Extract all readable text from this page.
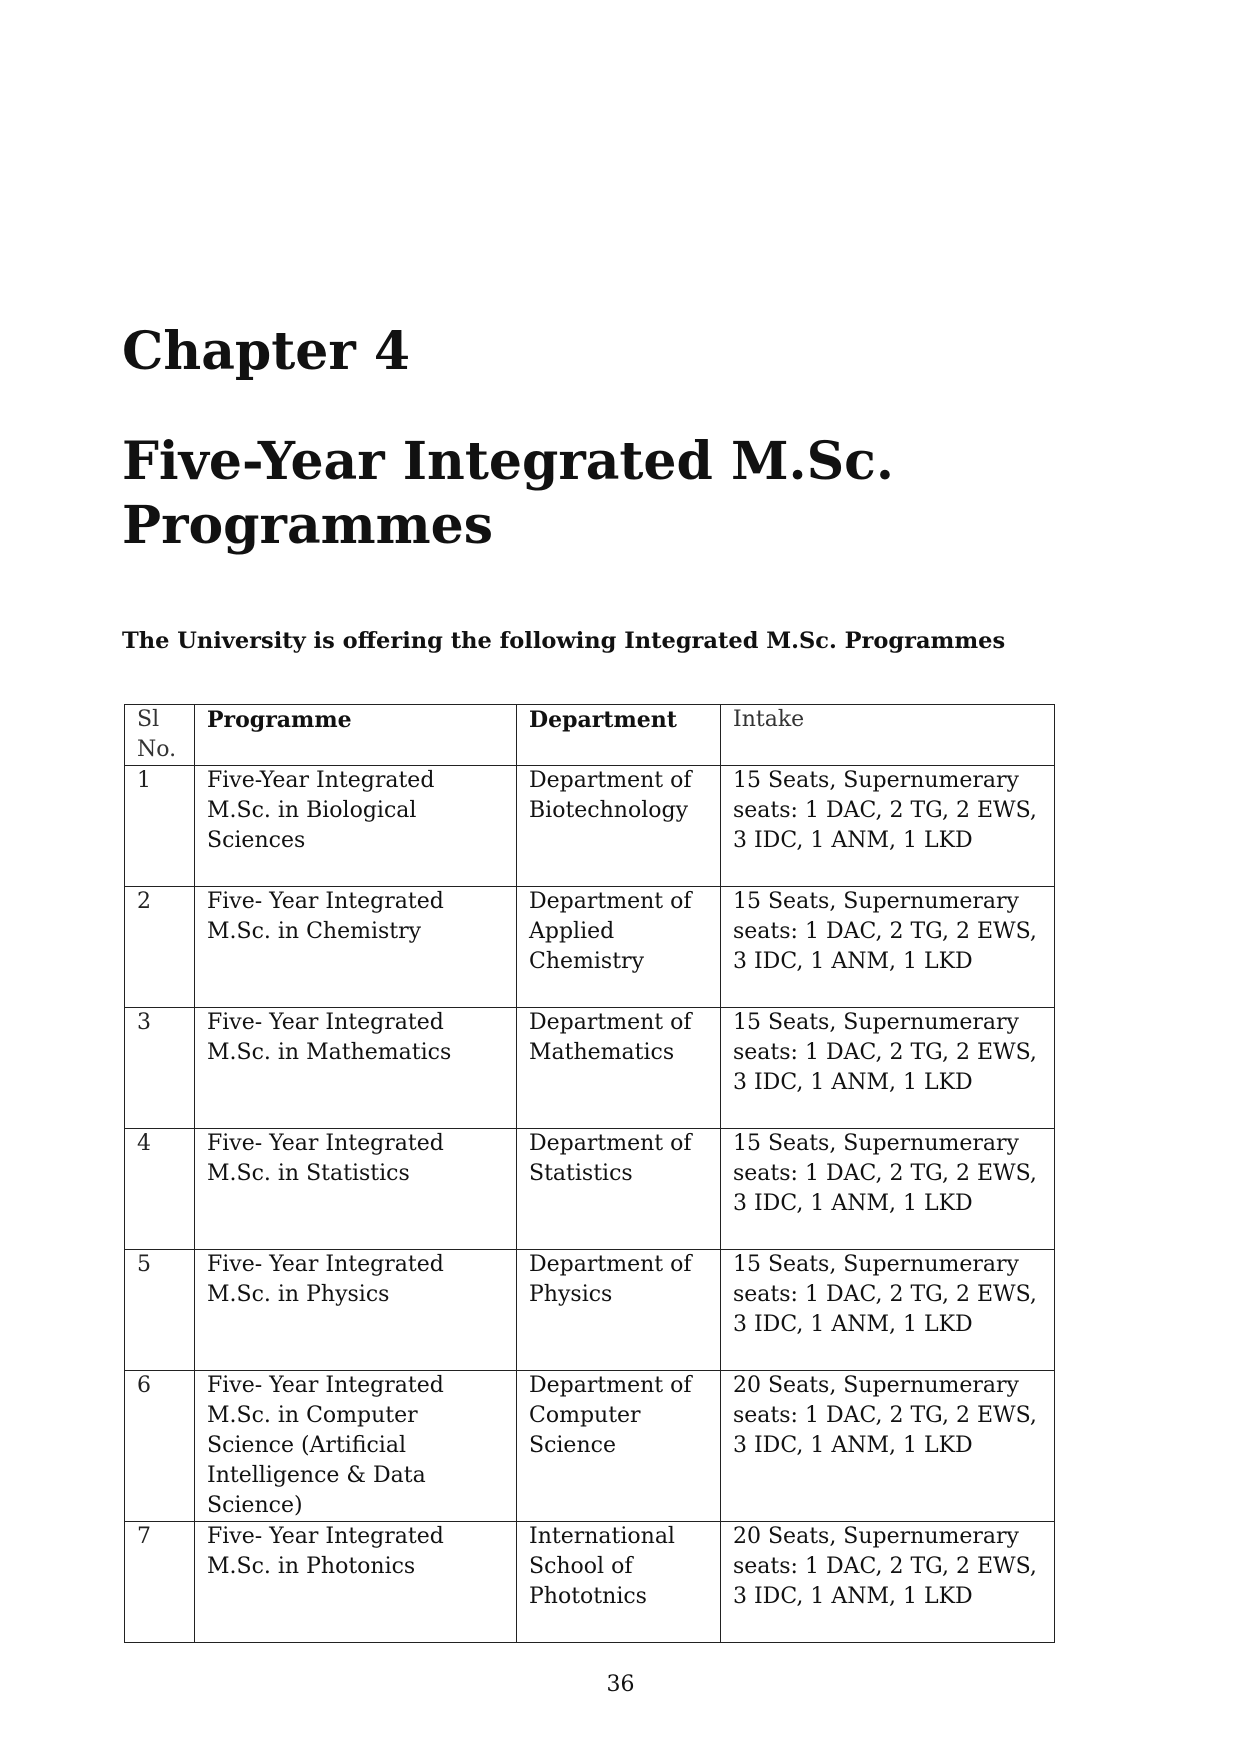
Chapter 4
Five-Year Integrated M.Sc. Programmes
The University is offering the following Integrated M.Sc. Programmes
Sl No.	Programme	Department	Intake
1	Five-Year Integrated M.Sc. in Biological Sciences	Department of Biotechnology	15 Seats, Supernumerary seats: 1 DAC, 2 TG, 2 EWS, 3 IDC, 1 ANM, 1 LKD
2	Five- Year Integrated M.Sc. in Chemistry	Department of Applied Chemistry	15 Seats, Supernumerary seats: 1 DAC, 2 TG, 2 EWS, 3 IDC, 1 ANM, 1 LKD
3	Five- Year Integrated M.Sc. in Mathematics	Department of Mathematics	15 Seats, Supernumerary seats: 1 DAC, 2 TG, 2 EWS, 3 IDC, 1 ANM, 1 LKD
4	Five- Year Integrated M.Sc. in Statistics	Department of Statistics	15 Seats, Supernumerary seats: 1 DAC, 2 TG, 2 EWS, 3 IDC, 1 ANM, 1 LKD
5	Five- Year Integrated M.Sc. in Physics	Department of Physics	15 Seats, Supernumerary seats: 1 DAC, 2 TG, 2 EWS, 3 IDC, 1 ANM, 1 LKD
6	Five- Year Integrated M.Sc. in Computer Science (Artificial Intelligence & Data Science)	Department of Computer Science	20 Seats, Supernumerary seats: 1 DAC, 2 TG, 2 EWS, 3 IDC, 1 ANM, 1 LKD
7	Five- Year Integrated M.Sc. in Photonics	International School of Phototnics	20 Seats, Supernumerary seats: 1 DAC, 2 TG, 2 EWS, 3 IDC, 1 ANM, 1 LKD
36
